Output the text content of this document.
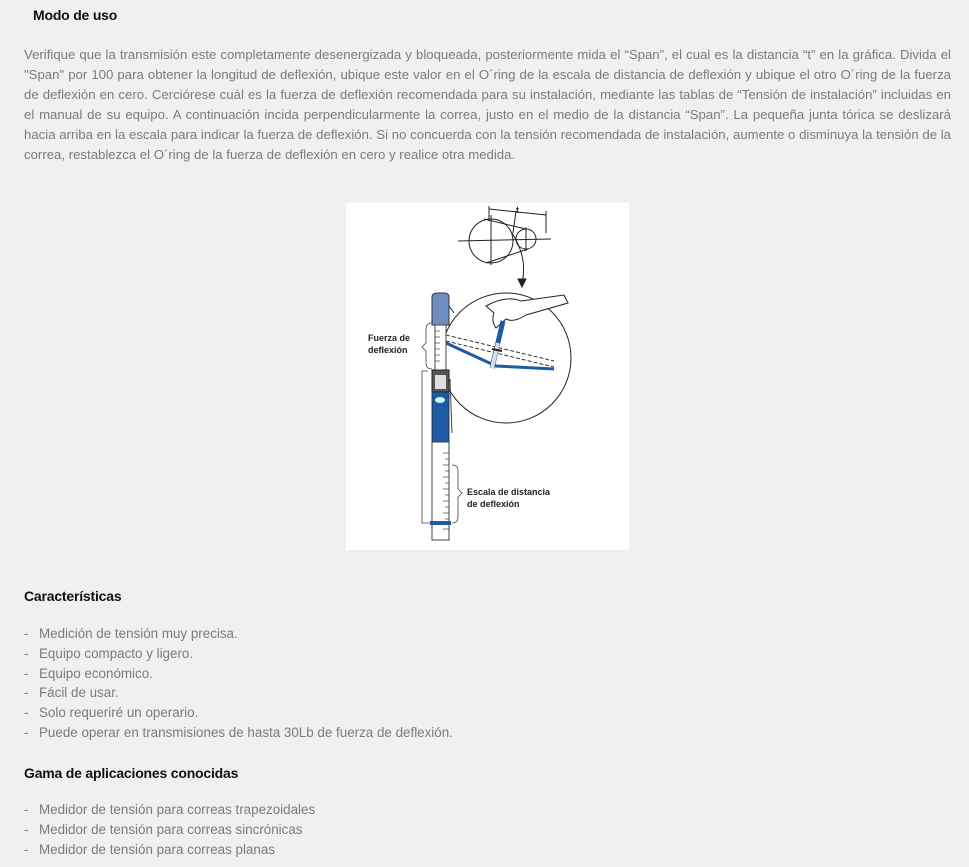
Modo de uso

Verifique que la transmisión este completamente desenergizada y bloqueada, posteriormente mida el “Span”, el cual es la distancia “t” en la gráfica. Divida el "Span" por 100 para obtener la longitud de deflexión, ubique este valor en el O´ring de la escala de distancia de deflexión y ubique el otro O´ring de la fuerza de deflexión en cero. Cerciórese cuál es la fuerza de deflexión recomendada para su instalación, mediante las tablas de “Tensión de instalación” incluidas en el manual de su equipo. A continuación incida perpendicularmente la correa, justo en el medio de la distancia “Span”. La pequeña junta tórica se deslizará hacia arriba en la escala para indicar la fuerza de deflexión. Si no concuerda con la tensión recomendada de instalación, aumente o disminuya la tensión de la correa, restablezca el O´ring de la fuerza de deflexión en cero y realice otra medida.

t
Fuerza de
deflexión
Escala de distancia
de deflexión
Características
- Medición de tensión muy precisa.
- Equipo compacto y ligero.
- Equipo económico.
- Fácil de usar.
- Solo requeriré un operario.
- Puede operar en transmisiones de hasta 30Lb de fuerza de deflexión.
Gama de aplicaciones conocidas
- Medidor de tensión para correas trapezoidales
- Medidor de tensión para correas sincrónicas
- Medidor de tensión para correas planas
